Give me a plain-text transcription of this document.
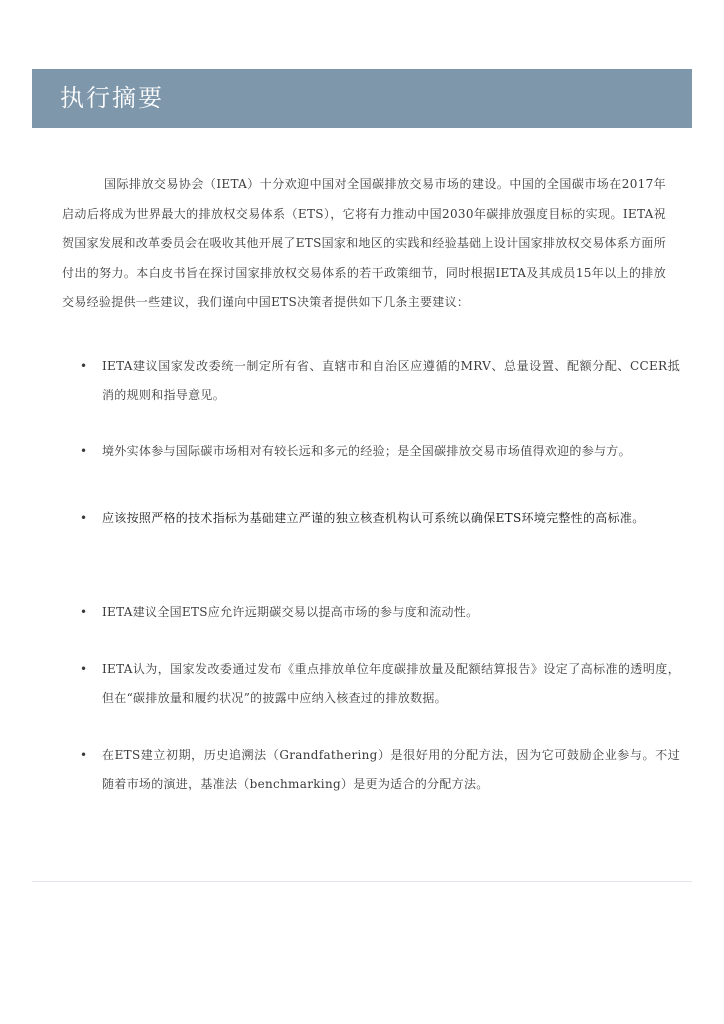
执行摘要

国际排放交易协会（IETA）十分欢迎中国对全国碳排放交易市场的建设。中国的全国碳市场在2017年启动后将成为世界最大的排放权交易体系（ETS），它将有力推动中国2030年碳排放强度目标的实现。IETA祝贺国家发展和改革委员会在吸收其他开展了ETS国家和地区的实践和经验基础上设计国家排放权交易体系方面所付出的努力。本白皮书旨在探讨国家排放权交易体系的若干政策细节，同时根据IETA及其成员15年以上的排放交易经验提供一些建议，我们谨向中国ETS决策者提供如下几条主要建议：

•	IETA建议国家发改委统一制定所有省、直辖市和自治区应遵循的MRV、总量设置、配额分配、CCER抵消的规则和指导意见。
•	境外实体参与国际碳市场相对有较长远和多元的经验；是全国碳排放交易市场值得欢迎的参与方。
•	应该按照严格的技术指标为基础建立严谨的独立核查机构认可系统以确保ETS环境完整性的高标准。
•	IETA建议全国ETS应允许远期碳交易以提高市场的参与度和流动性。
•	IETA认为，国家发改委通过发布《重点排放单位年度碳排放量及配额结算报告》设定了高标准的透明度，但在“碳排放量和履约状况”的披露中应纳入核查过的排放数据。
•	在ETS建立初期，历史追溯法（Grandfathering）是很好用的分配方法，因为它可鼓励企业参与。不过随着市场的演进，基准法（benchmarking）是更为适合的分配方法。
